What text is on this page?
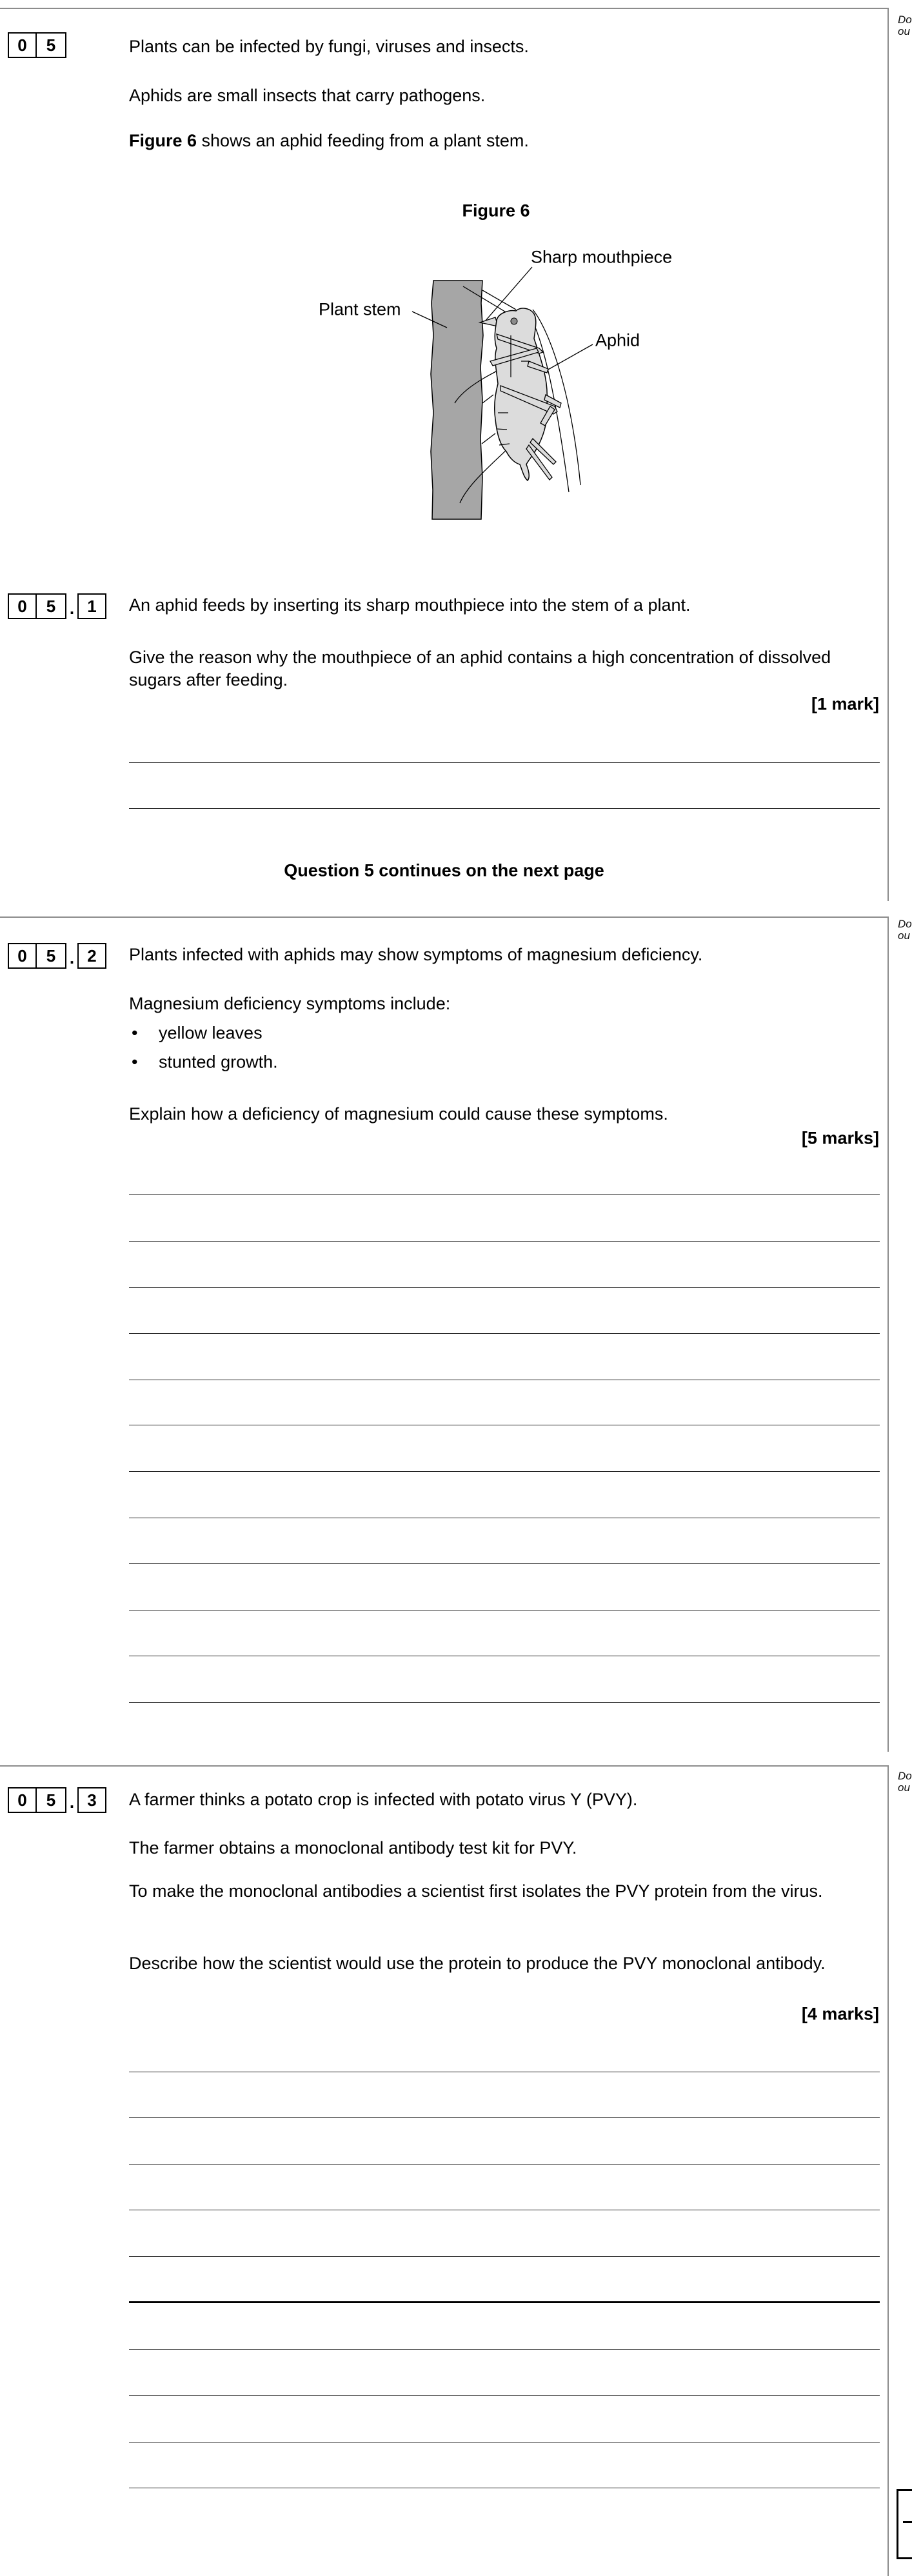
Do
ou
0	5	Plants can be infected by fungi, viruses and insects.
Aphids are small insects that carry pathogens.
Figure 6 shows an aphid feeding from a plant stem.
Figure 6
Plant stem
Sharp mouthpiece
Aphid
0	5 . 1	An aphid feeds by inserting its sharp mouthpiece into the stem of a plant.
Give the reason why the mouthpiece of an aphid contains a high concentration of dissolved sugars after feeding.
[1 mark]
Question 5 continues on the next page
Do
ou
0	5 . 2	Plants infected with aphids may show symptoms of magnesium deficiency.
Magnesium deficiency symptoms include:
• yellow leaves
• stunted growth.
Explain how a deficiency of magnesium could cause these symptoms.
[5 marks]
Do
ou
0	5 . 3	A farmer thinks a potato crop is infected with potato virus Y (PVY).
The farmer obtains a monoclonal antibody test kit for PVY.
To make the monoclonal antibodies a scientist first isolates the PVY protein from the virus.
Describe how the scientist would use the protein to produce the PVY monoclonal antibody.
[4 marks]
